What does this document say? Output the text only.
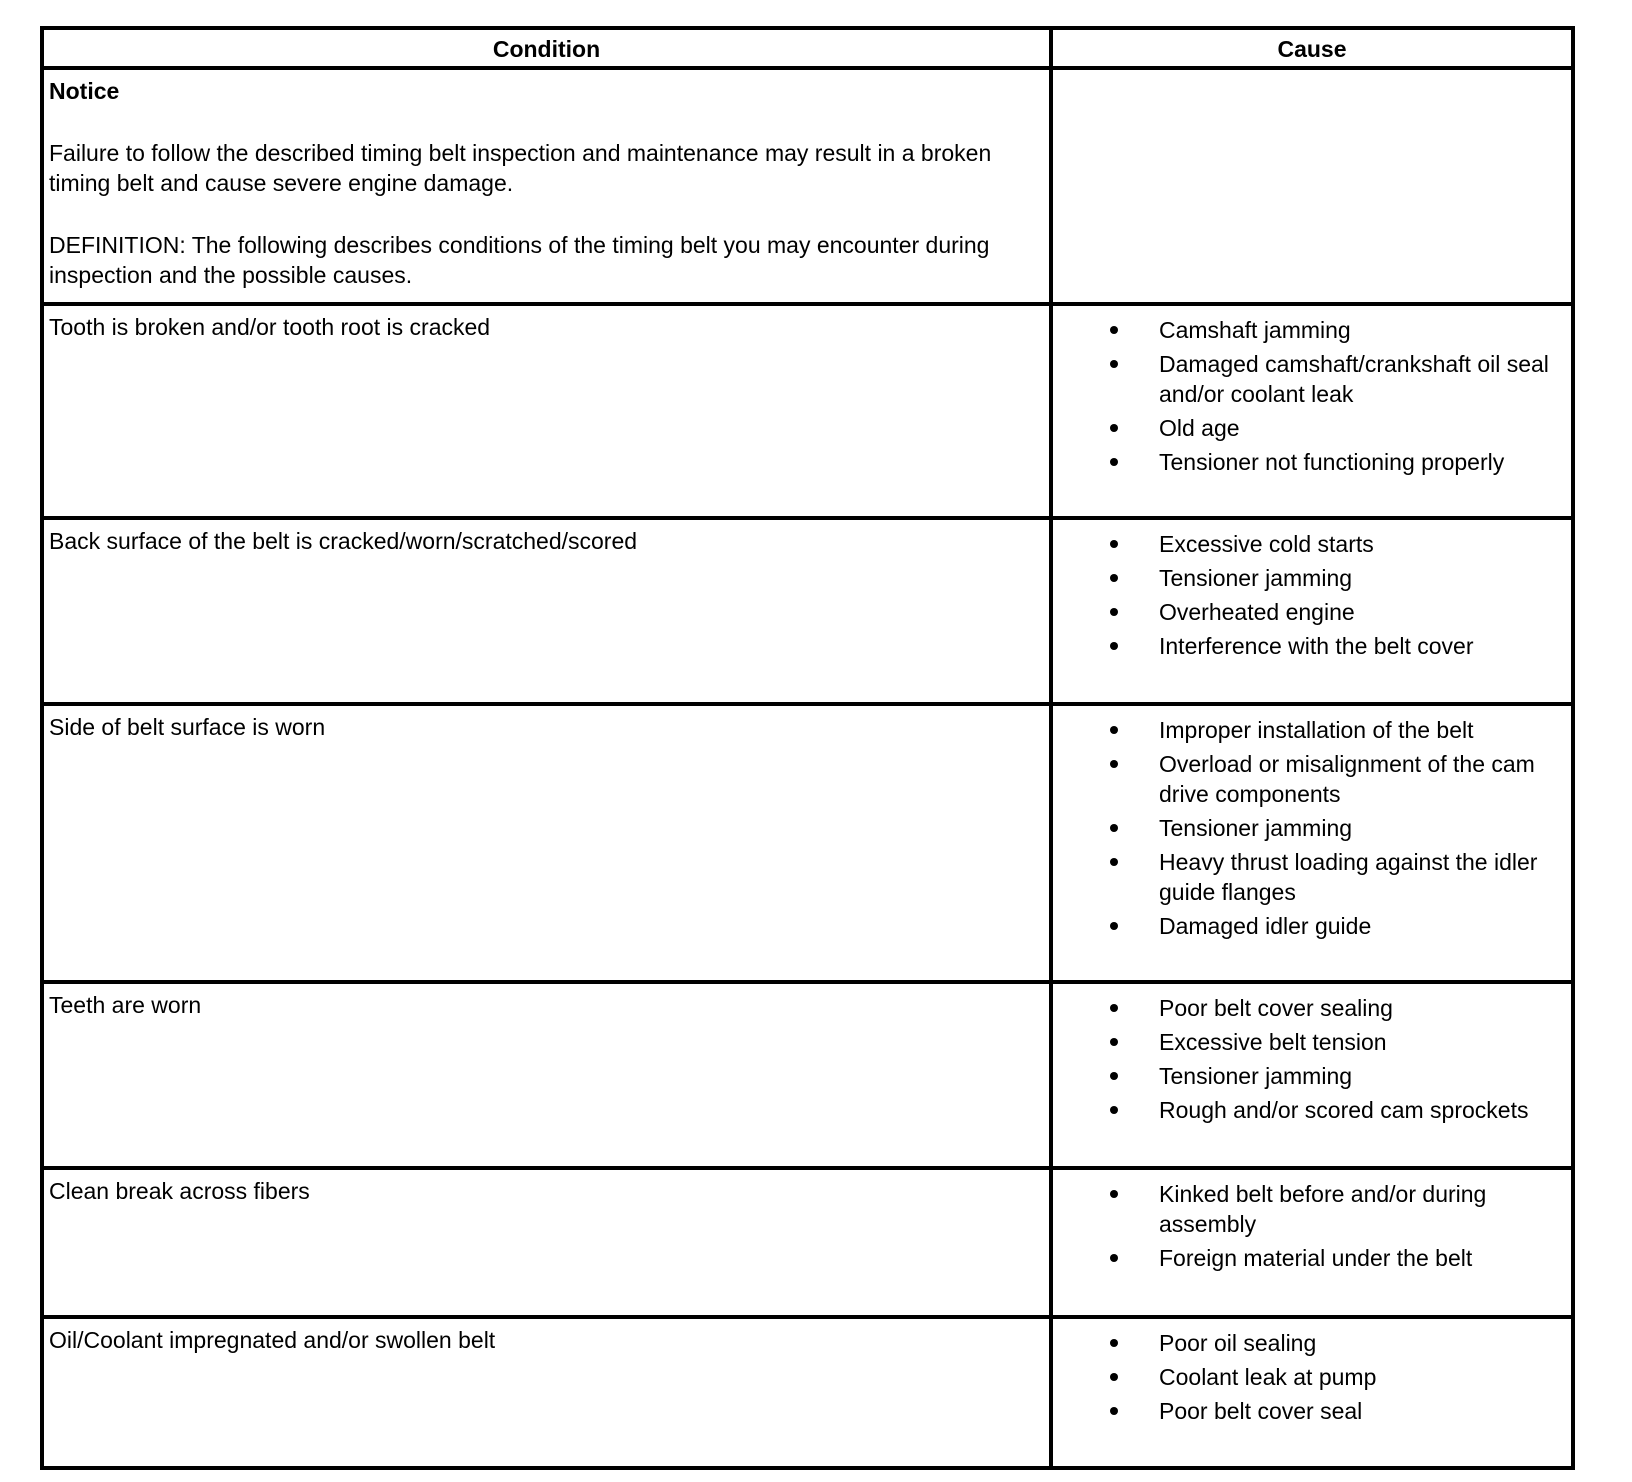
Condition	Cause

Notice

Failure to follow the described timing belt inspection and maintenance may result in a broken timing belt and cause severe engine damage.

DEFINITION: The following describes conditions of the timing belt you may encounter during inspection and the possible causes.

Tooth is broken and/or tooth root is cracked	Camshaft jamming
Damaged camshaft/crankshaft oil seal and/or coolant leak
Old age
Tensioner not functioning properly
Back surface of the belt is cracked/worn/scratched/scored	Excessive cold starts
Tensioner jamming
Overheated engine
Interference with the belt cover
Side of belt surface is worn	Improper installation of the belt
Overload or misalignment of the cam drive components
Tensioner jamming
Heavy thrust loading against the idler guide flanges
Damaged idler guide
Teeth are worn	Poor belt cover sealing
Excessive belt tension
Tensioner jamming
Rough and/or scored cam sprockets
Clean break across fibers	Kinked belt before and/or during assembly
Foreign material under the belt
Oil/Coolant impregnated and/or swollen belt	Poor oil sealing
Coolant leak at pump
Poor belt cover seal
